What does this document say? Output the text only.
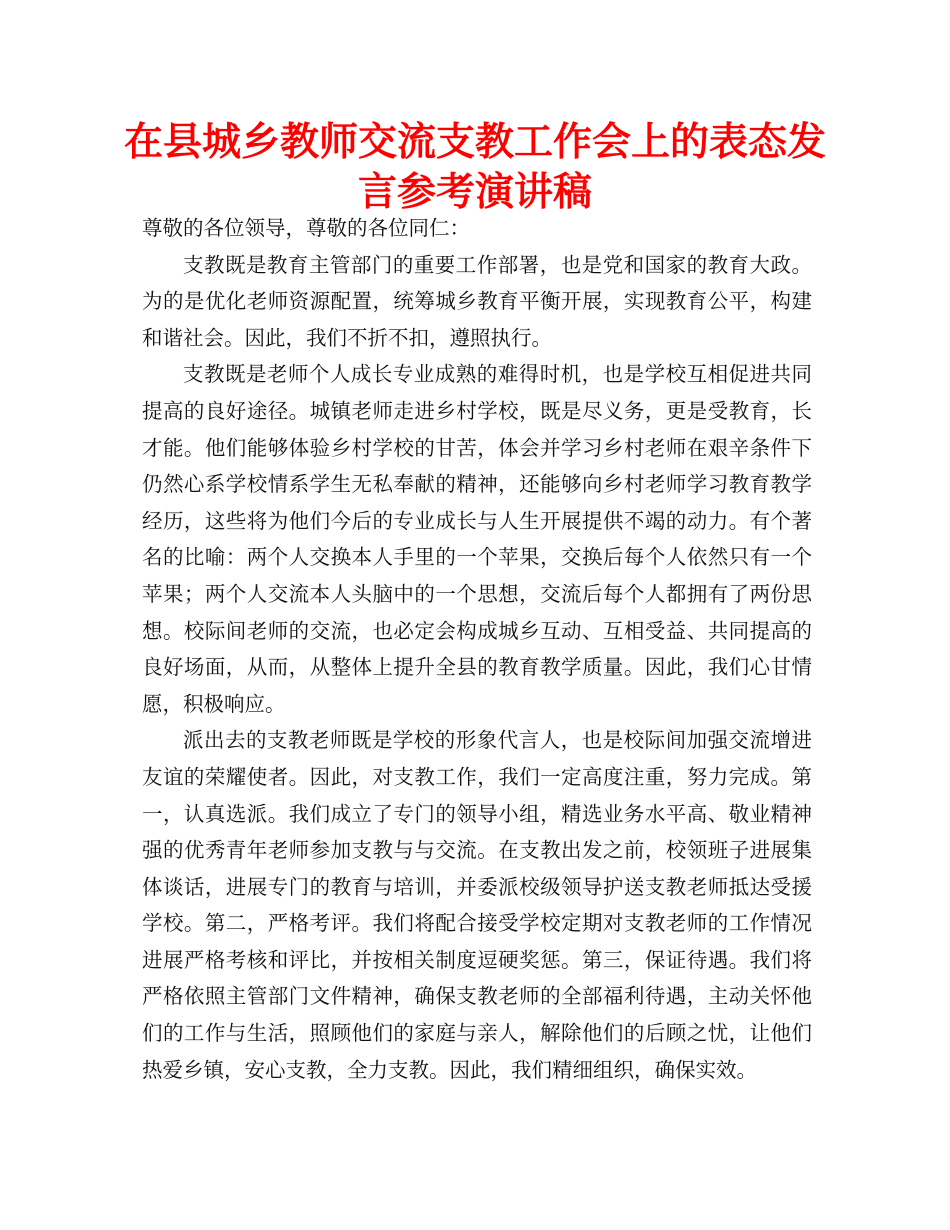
在县城乡教师交流支教工作会上的表态发言参考演讲稿

尊敬的各位领导，尊敬的各位同仁：

支教既是教育主管部门的重要工作部署，也是党和国家的教育大政。为的是优化老师资源配置，统筹城乡教育平衡开展，实现教育公平，构建和谐社会。因此，我们不折不扣，遵照执行。

支教既是老师个人成长专业成熟的难得时机，也是学校互相促进共同提高的良好途径。城镇老师走进乡村学校，既是尽义务，更是受教育，长才能。他们能够体验乡村学校的甘苦，体会并学习乡村老师在艰辛条件下仍然心系学校情系学生无私奉献的精神，还能够向乡村老师学习教育教学经历，这些将为他们今后的专业成长与人生开展提供不竭的动力。有个著名的比喻：两个人交换本人手里的一个苹果，交换后每个人依然只有一个苹果；两个人交流本人头脑中的一个思想，交流后每个人都拥有了两份思想。校际间老师的交流，也必定会构成城乡互动、互相受益、共同提高的良好场面，从而，从整体上提升全县的教育教学质量。因此，我们心甘情愿，积极响应。

派出去的支教老师既是学校的形象代言人，也是校际间加强交流增进友谊的荣耀使者。因此，对支教工作，我们一定高度注重，努力完成。第一，认真选派。我们成立了专门的领导小组，精选业务水平高、敬业精神强的优秀青年老师参加支教与与交流。在支教出发之前，校领班子进展集体谈话，进展专门的教育与培训，并委派校级领导护送支教老师抵达受援学校。第二，严格考评。我们将配合接受学校定期对支教老师的工作情况进展严格考核和评比，并按相关制度逗硬奖惩。第三，保证待遇。我们将严格依照主管部门文件精神，确保支教老师的全部福利待遇，主动关怀他们的工作与生活，照顾他们的家庭与亲人，解除他们的后顾之忧，让他们热爱乡镇，安心支教，全力支教。因此，我们精细组织，确保实效。
